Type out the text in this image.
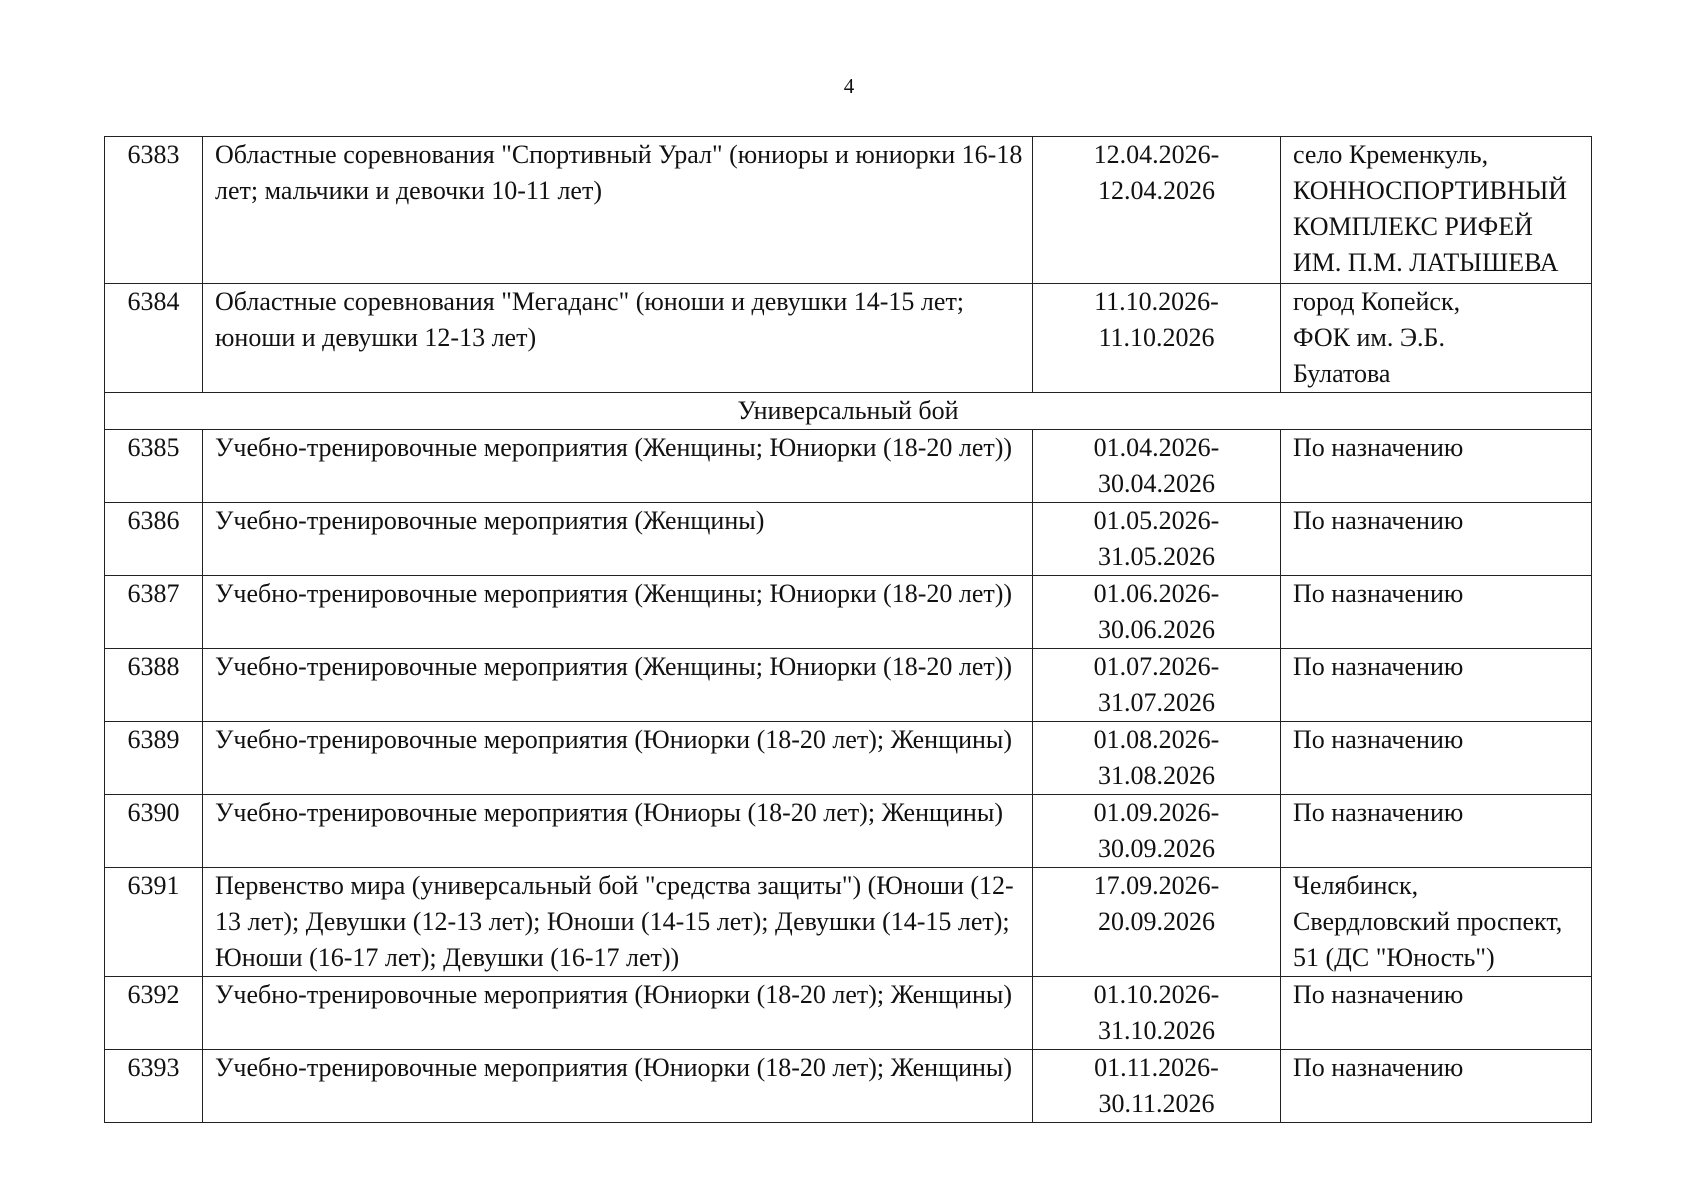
4
6383	Областные соревнования "Спортивный Урал" (юниоры и юниорки 16-18 лет; мальчики и девочки 10-11 лет)	12.04.2026-
12.04.2026	село Кременкуль,
КОННОСПОРТИВНЫЙ
КОМПЛЕКС РИФЕЙ
ИМ. П.М. ЛАТЫШЕВА

6384	Областные соревнования "Мегаданс" (юноши и девушки 14-15 лет; юноши и девушки 12-13 лет)	11.10.2026-
11.10.2026	город Копейск,
ФОК им. Э.Б.
Булатова

Универсальный бой			
6385	Учебно-тренировочные мероприятия (Женщины; Юниорки (18-20 лет))	01.04.2026-
30.04.2026	По назначению

6386	Учебно-тренировочные мероприятия (Женщины)	01.05.2026-
31.05.2026	По назначению

6387	Учебно-тренировочные мероприятия (Женщины; Юниорки (18-20 лет))	01.06.2026-
30.06.2026	По назначению

6388	Учебно-тренировочные мероприятия (Женщины; Юниорки (18-20 лет))	01.07.2026-
31.07.2026	По назначению

6389	Учебно-тренировочные мероприятия (Юниорки (18-20 лет); Женщины)	01.08.2026-
31.08.2026	По назначению

6390	Учебно-тренировочные мероприятия (Юниоры (18-20 лет); Женщины)	01.09.2026-
30.09.2026	По назначению

6391	Первенство мира (универсальный бой "средства защиты") (Юноши (12-13 лет); Девушки (12-13 лет); Юноши (14-15 лет); Девушки (14-15 лет); Юноши (16-17 лет); Девушки (16-17 лет))	17.09.2026-
20.09.2026	Челябинск,
Свердловский проспект,
51 (ДС "Юность")

6392	Учебно-тренировочные мероприятия (Юниорки (18-20 лет); Женщины)	01.10.2026-
31.10.2026	По назначению

6393	Учебно-тренировочные мероприятия (Юниорки (18-20 лет); Женщины)	01.11.2026-
30.11.2026	По назначению
